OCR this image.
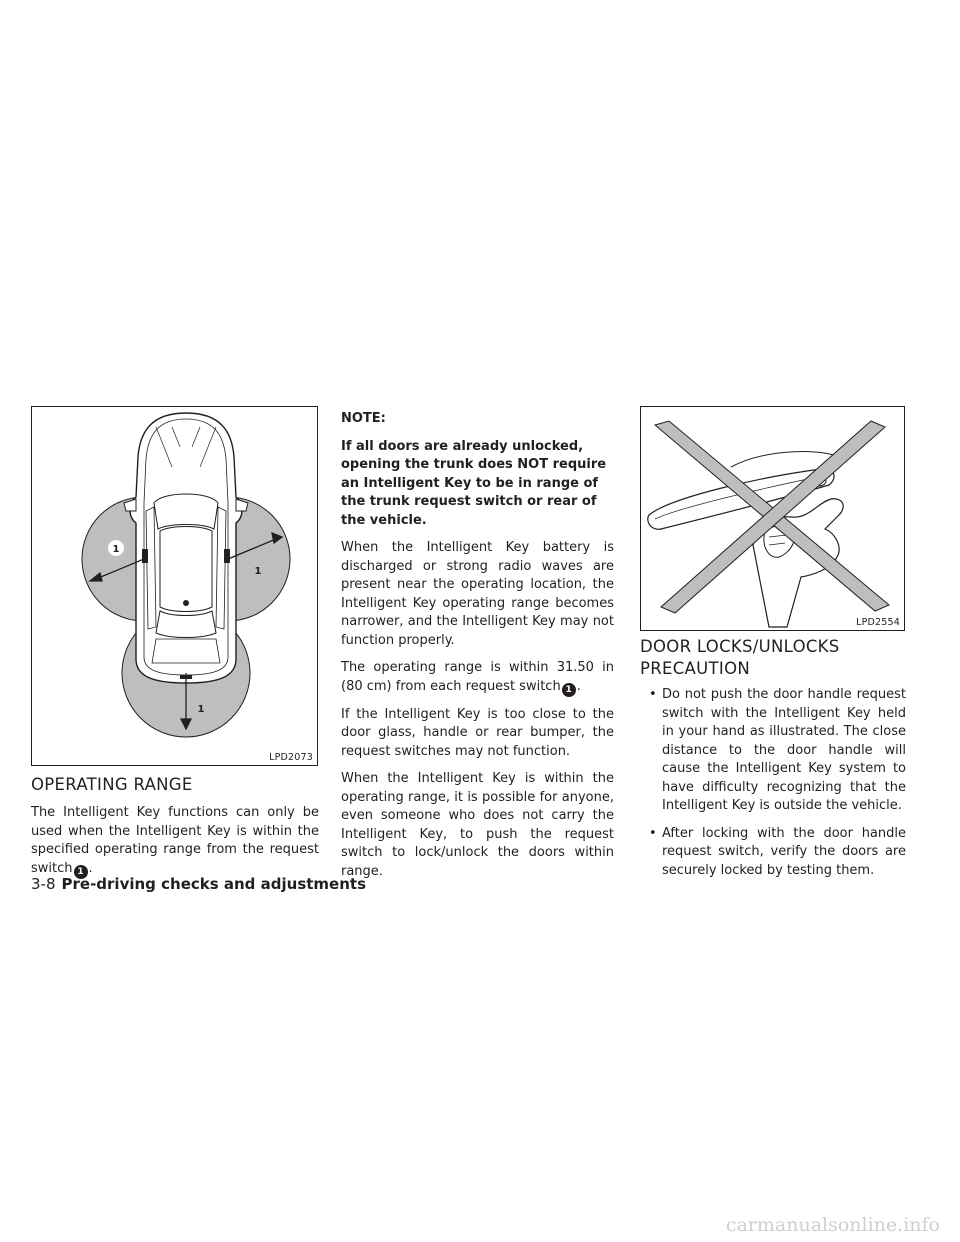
1
1
1
LPD2073
OPERATING RANGE

The Intelligent Key functions can only be used when the Intelligent Key is within the specified operating range from the request switch 1 .

NOTE:

If all doors are already unlocked, opening the trunk does NOT require an Intelligent Key to be in range of the trunk request switch or rear of the vehicle.

When the Intelligent Key battery is discharged or strong radio waves are present near the operating location, the Intelligent Key operating range becomes narrower, and the Intelligent Key may not function properly.

The operating range is within 31.50 in (80 cm) from each request switch 1 .

If the Intelligent Key is too close to the door glass, handle or rear bumper, the request switches may not function.

When the Intelligent Key is within the operating range, it is possible for anyone, even someone who does not carry the Intelligent Key, to push the request switch to lock/unlock the doors within range.

LPD2554
DOOR LOCKS/UNLOCKS
PRECAUTION
• Do not push the door handle request switch with the Intelligent Key held in your hand as illustrated. The close distance to the door handle will cause the Intelligent Key system to have difficulty recognizing that the Intelligent Key is outside the vehicle.
• After locking with the door handle request switch, verify the doors are securely locked by testing them.
3-8 Pre-driving checks and adjustments
carmanualsonline.info
